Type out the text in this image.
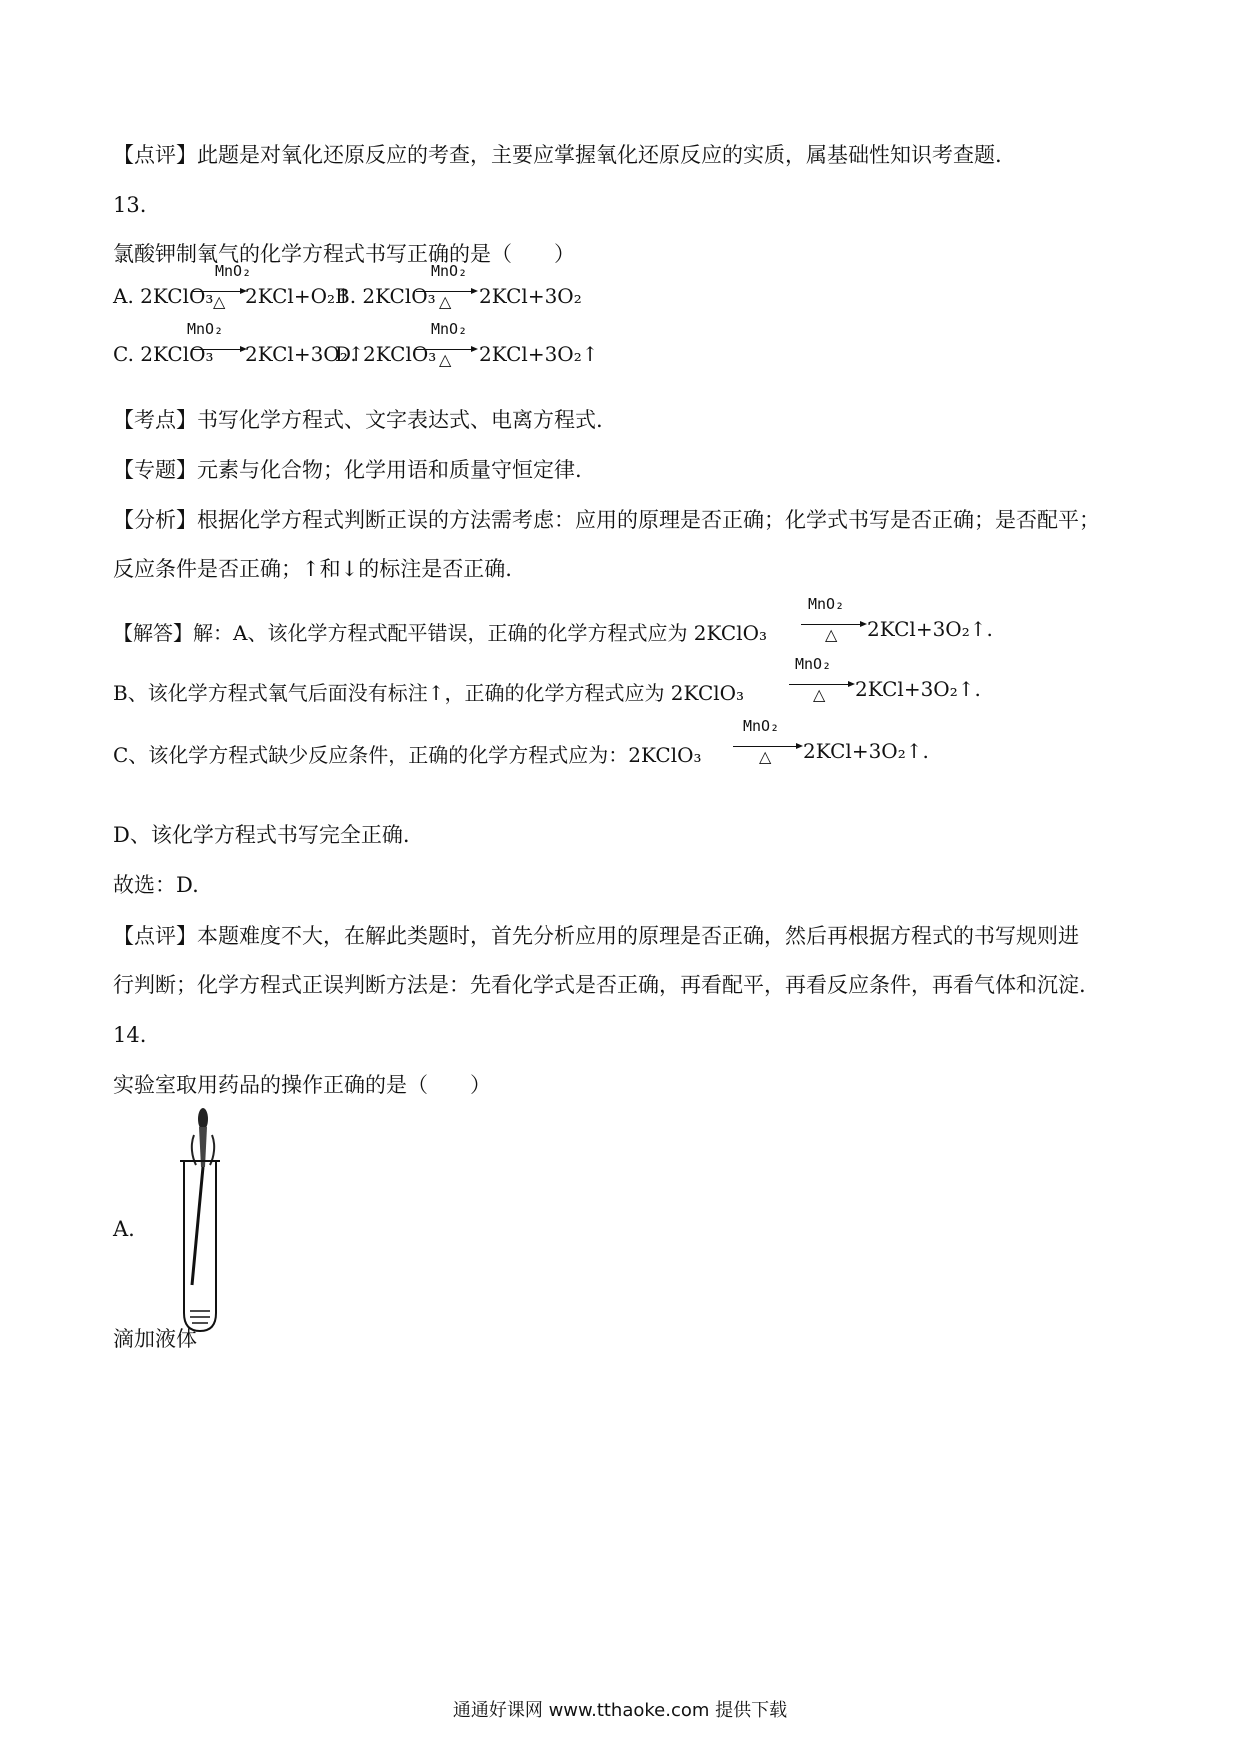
【点评】此题是对氧化还原反应的考查，主要应掌握氧化还原反应的实质，属基础性知识考查题.
13.
氯酸钾制氧气的化学方程式书写正确的是（　　）
A. 2KClO₃
MnO₂
△ 2KCl+O₂↑
B. 2KClO₃
MnO₂
△ 2KCl+3O₂
C. 2KClO₃
MnO₂
2KCl+3O₂↑
D. 2KClO₃
MnO₂
△ 2KCl+3O₂↑
【考点】书写化学方程式、文字表达式、电离方程式.
【专题】元素与化合物；化学用语和质量守恒定律.
【分析】根据化学方程式判断正误的方法需考虑：应用的原理是否正确；化学式书写是否正确；是否配平；
反应条件是否正确；↑和↓的标注是否正确.
【解答】解：A、该化学方程式配平错误，正确的化学方程式应为 2KClO₃
MnO₂
△ 2KCl+3O₂↑.
B、该化学方程式氧气后面没有标注↑，正确的化学方程式应为 2KClO₃
MnO₂
△ 2KCl+3O₂↑.
C、该化学方程式缺少反应条件，正确的化学方程式应为：2KClO₃
MnO₂
△ 2KCl+3O₂↑.
D、该化学方程式书写完全正确.
故选：D.
【点评】本题难度不大，在解此类题时，首先分析应用的原理是否正确，然后再根据方程式的书写规则进
行判断；化学方程式正误判断方法是：先看化学式是否正确，再看配平，再看反应条件，再看气体和沉淀.
14.
实验室取用药品的操作正确的是（　　）
A.
滴加液体
通通好课网 www.tthaoke.com 提供下载
